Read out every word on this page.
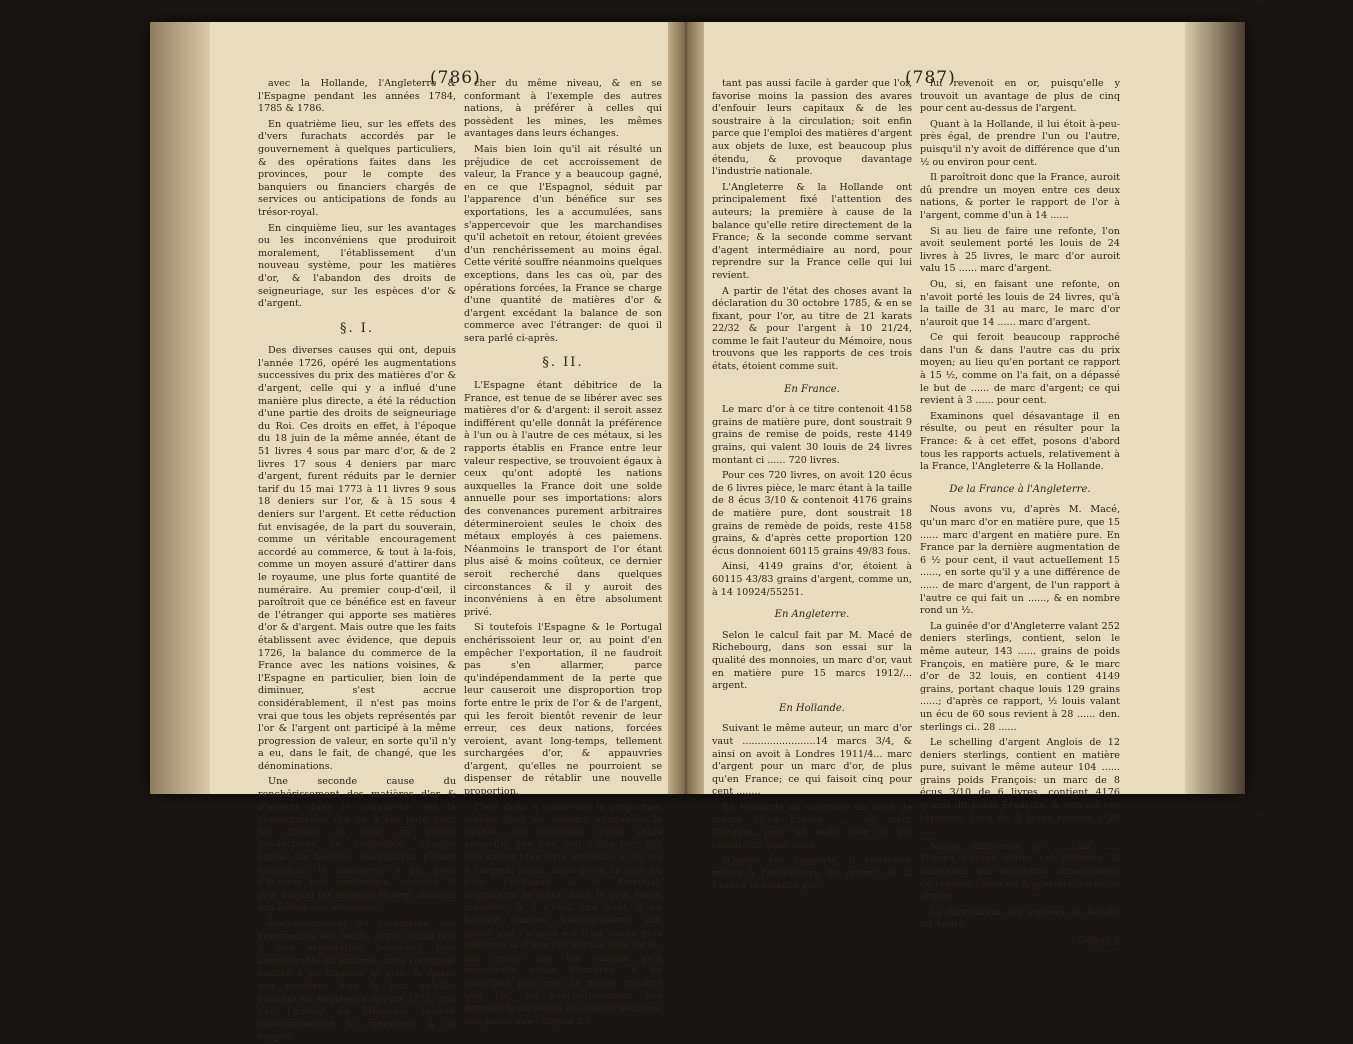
(786)	(787)

avec la Hollande, l'Angleterre & l'Espagne pendant les années 1784, 1785 & 1786.

En quatrième lieu, sur les effets des d'vers furachats accordés par le gouvernement à quelques particuliers, & des opérations faites dans les provinces, pour le compte des banquiers ou financiers chargés de services ou anticipations de fonds au trésor-royal.

En cinquième lieu, sur les avantages ou les inconvéniens que produiroit moralement, l'établissement d'un nouveau système, pour les matières d'or, & l'abandon des droits de seigneuriage, sur les espèces d'or & d'argent.

§. I.

Des diverses causes qui ont, depuis l'année 1726, opéré les augmentations successives du prix des matières d'or & d'argent, celle qui y a influé d'une manière plus directe, a été la réduction d'une partie des droits de seigneuriage du Roi. Ces droits en effet, à l'époque du 18 juin de la même année, étant de 51 livres 4 sous par marc d'or, & de 2 livres 17 sous 4 deniers par marc d'argent, furent réduits par le dernier tarif du 15 mai 1773 à 11 livres 9 sous 18 deniers sur l'or, & à 15 sous 4 deniers sur l'argent. Et cette réduction fut envisagée, de la part du souverain, comme un véritable encouragement accordé au commerce, & tout à la-fois, comme un moyen assuré d'attirer dans le royaume, une plus forte quantité de numéraire. Au premier coup-d'œil, il paroîtroit que ce bénéfice est en faveur de l'étranger qui apporte ses matières d'or & d'argent. Mais outre que les faits établissent avec évidence, que depuis 1726, la balance du commerce de la France avec les nations voisines, & l'Espagne en particulier, bien loin de diminuer, s'est accrue considérablement, il n'est pas moins vrai que tous les objets représentés par l'or & l'argent ont participé à la même progression de valeur, en sorte qu'il n'y a eu, dans le fait, de changé, que les dénominations.

Une seconde cause du renchérissement des matières d'or & d'argent dans le commerce, est la consommation qui en a été faite pour les choses de luxe, ou autres productions de l'industrie; chaque année les besoins imaginaires s'étant multipliés, le commerce a dû, pour s'assurer une préférence, excéder le prix auquel les espèces étoient admises aux hôtels des monnoies.

L'accroissement du commerce des compagnies des Indes, ayant donné lieu à une exportation beaucoup plus considérable de piastres, aura contribué encore à en hausser le prix; & quant aux matières d'or, le prix qu'elles valoient en Angleterre depuis 1751, cité par l'auteur du Mémoire, invitoit nécessairement le commerce à se rappro-

cher du même niveau, & en se conformant à l'exemple des autres nations, à préférer à celles qui possèdent les mines, les mêmes avantages dans leurs échanges.

Mais bien loin qu'il ait résulté un préjudice de cet accroissement de valeur, la France y a beaucoup gagné, en ce que l'Espagnol, séduit par l'apparence d'un bénéfice sur ses exportations, les a accumulées, sans s'appercevoir que les marchandises qu'il achetoit en retour, étoient grevées d'un renchérissement au moins égal. Cette vérité souffre néanmoins quelques exceptions, dans les cas où, par des opérations forcées, la France se charge d'une quantité de matières d'or & d'argent excédant la balance de son commerce avec l'étranger: de quoi il sera parlé ci-après.

§. II.

L'Espagne étant débitrice de la France, est tenue de se libérer avec ses matières d'or & d'argent: il seroit assez indifférent qu'elle donnât la préférence à l'un ou à l'autre de ces métaux, si les rapports établis en France entre leur valeur respective, se trouvoient égaux à ceux qu'ont adopté les nations auxquelles la France doit une solde annuelle pour ses importations: alors des convenances purement arbitraires détermineroient seules le choix des métaux employés à ces paiemens. Néanmoins le transport de l'or étant plus aisé & moins coûteux, ce dernier seroit recherché dans quelques circonstances & il y auroit des inconvéniens à en être absolument privé.

Si toutefois l'Espagne & le Portugal enchérissoient leur or, au point d'en empêcher l'exportation, il ne faudroit pas s'en allarmer, parce qu'indépendamment de la perte que leur causeroit une disproportion trop forte entre le prix de l'or & de l'argent, qui les feroit bientôt revenir de leur erreur, ces deux nations, forcées veroient, avant long-temps, tellement surchargées d'or, & appauvries d'argent, qu'elles ne pourroient se dispenser de rétablir une nouvelle proportion.

C'est donc à conserver la proportion établie chez les nations, auxquelles la France est redevable d'une solde annuelle, que l'on doit s'attacher; car une valeur plus forte attribuée à l'or, ou à l'argent, feroit, ainsi qu'on l'a déjà dit pour l'Espagne & le Portugal, disparoître le métal dont le prix seroit moindre; & il s'étoit tiré gant, il en naîtroit nombre d'inconvéniens, soit parce que l'argent est d'un usage plus commun & d'une circulation plus facile, soit parce que les valeurs qu'il représente étant moindres, il ne contribue pas avec la même rapidité que l'or, au renchérissement des denrées & de toutes les choses usuelles; soit parce que l'argent n'é-

tant pas aussi facile à garder que l'or, favorise moins la passion des avares d'enfouir leurs capitaux & de les soustraire à la circulation; soit enfin parce que l'emploi des matières d'argent aux objets de luxe, est beaucoup plus étendu, & provoque davantage l'industrie nationale.

L'Angleterre & la Hollande ont principalement fixé l'attention des auteurs; la première à cause de la balance qu'elle retire directement de la France; & la seconde comme servant d'agent intermédiaire au nord, pour reprendre sur la France celle qui lui revient.

A partir de l'état des choses avant la déclaration du 30 octobre 1785, & en se fixant, pour l'or, au titre de 21 karats 22/32 & pour l'argent à 10 21/24, comme le fait l'auteur du Mémoire, nous trouvons que les rapports de ces trois états, étoient comme suit.

En France.

Le marc d'or à ce titre contenoit 4158 grains de matière pure, dont soustrait 9 grains de remise de poids, reste 4149 grains, qui valent 30 louis de 24 livres montant ci ...... 720 livres.

Pour ces 720 livres, on avoit 120 écus de 6 livres pièce, le marc étant à la taille de 8 écus 3/10 & contenoit 4176 grains de matière pure, dont soustrait 18 grains de remède de poids, reste 4158 grains, & d'après cette proportion 120 écus donnoient 60115 grains 49/83 fous.

Ainsi, 4149 grains d'or, étoient à 60115 43/83 grains d'argent, comme un, à 14 10924/55251.

En Angleterre.

Selon le calcul fait par M. Macé de Richebourg, dans son essai sur la qualité des monnoies, un marc d'or, vaut en matière pure 15 marcs 1912/... argent.

En Hollande.

Suivant le même auteur, un marc d'or vaut ........................14 marcs 3/4, & ainsi on avoit à Londres 1911/4... marc d'argent pour un marc d'or, de plus qu'en France; ce qui faisoit cinq pour cent ........

En Hollande au contraire on avoit de moins qu'en France ...... de marc d'argent, pour un marc d'or, ce qui faisoit ...... pour cent.

D'après ces rapports, il convenoit mieux à l'Angleterre de retirer de la France la balance qui

lui revenoit en or, puisqu'elle y trouvoit un avantage de plus de cinq pour cent au-dessus de l'argent.

Quant à la Hollande, il lui étoit à-peu-près égal, de prendre l'un ou l'autre, puisqu'il n'y avoit de différence que d'un ½ ou environ pour cent.

Il paroîtroit donc que la France, auroit dû prendre un moyen entre ces deux nations, & porter le rapport de l'or à l'argent, comme d'un à 14 ......

Si au lieu de faire une refonte, l'on avoit seulement porté les louis de 24 livres à 25 livres, le marc d'or auroit valu 15 ...... marc d'argent.

Ou, si, en faisant une refonte, on n'avoit porté les louis de 24 livres, qu'à la taille de 31 au marc, le marc d'or n'auroit que 14 ...... marc d'argent.

Ce qui feroit beaucoup rapproché dans l'un & dans l'autre cas du prix moyen; au lieu qu'en portant ce rapport à 15 ½, comme on l'a fait, on a dépassé le but de ...... de marc d'argent; ce qui revient à 3 ...... pour cent.

Examinons quel désavantage il en résulte, ou peut en résulter pour la France: & à cet effet, posons d'abord tous les rapports actuels, relativement à la France, l'Angleterre & la Hollande.

De la France à l'Angleterre.

Nous avons vu, d'après M. Macé, qu'un marc d'or en matière pure, que 15 ...... marc d'argent en matière pure. En France par la dernière augmentation de 6 ½ pour cent, il vaut actuellement 15 ......, en sorte qu'il y a une différence de ...... de marc d'argent, de l'un rapport à l'autre ce qui fait un ......, & en nombre rond un ½.

La guinée d'or d'Angleterre valant 252 deniers sterlings, contient, selon le même auteur, 143 ...... grains de poids François, en matière pure, & le marc d'or de 32 louis, en contient 4149 grains, portant chaque louis 129 grains ......; d'après ce rapport, ½ louis valant un écu de 60 sous revient à 28 ...... den. sterlings ci.. 28 ......

Le schelling d'argent Anglois de 12 deniers sterlings, contient en matière pure, suivant le même auteur 104 ...... grains poids François: un marc de 8 écus 3/10 de 6 livres, contient 4176 grains du poids François, & suivant ces rapports, l'écu de 3 livres revient à 28 ......

Même différence de ........un ...... Voyons d'après toutes ces données, la différence qui résulteroit actuellement de remises faites en Angleterre, en or ou argent.

La fabrication des espèces se faisant en Angle-

Ggggg ij
